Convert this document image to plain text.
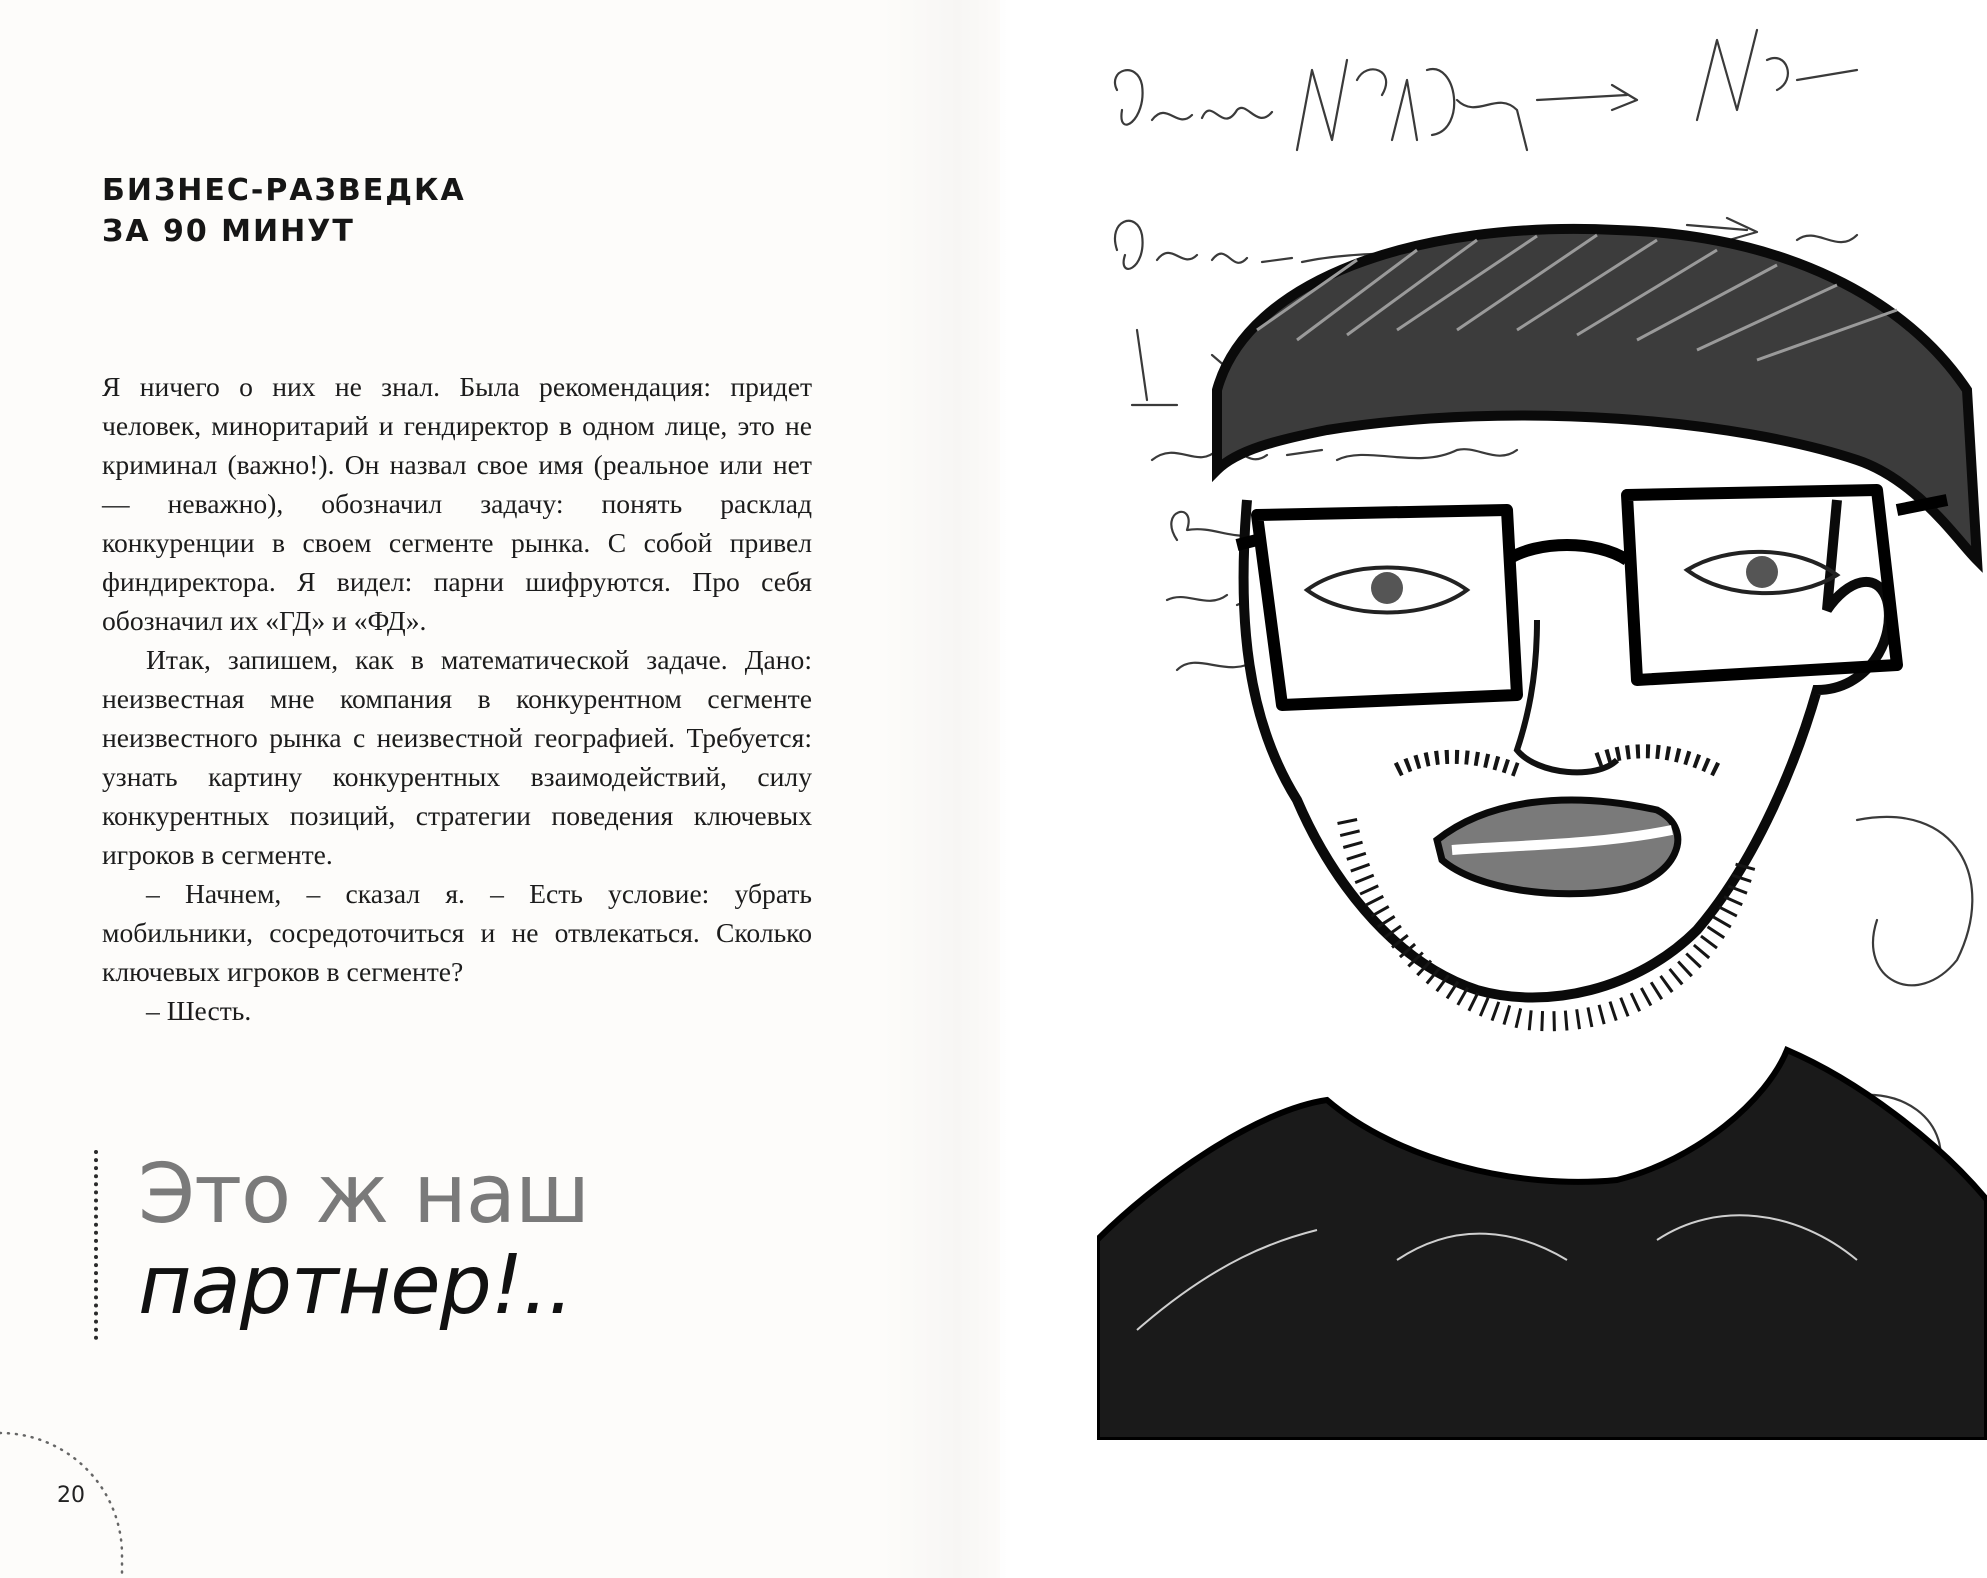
БИЗНЕС-РАЗВЕДКА
ЗА 90 МИНУТ

Я ничего о них не знал. Была рекомендация: придет человек, миноритарий и гендиректор в одном лице, это не криминал (важно!). Он назвал свое имя (реальное или нет — неважно), обозначил задачу: понять расклад конкуренции в своем сегменте рынка. С собой привел финдиректора. Я видел: парни шифруются. Про себя обозначил их «ГД» и «ФД».

Итак, запишем, как в математической задаче. Дано: неизвестная мне компания в конкурентном сегменте неизвестного рынка с неизвестной географией. Требуется: узнать картину конкурентных взаимодействий, силу конкурентных позиций, стратегии поведения ключевых игроков в сегменте.

– Начнем, – сказал я. – Есть условие: убрать мобильники, сосредоточиться и не отвлекаться. Сколько ключевых игроков в сегменте?

– Шесть.

Это ж наш
партнер!..
20
